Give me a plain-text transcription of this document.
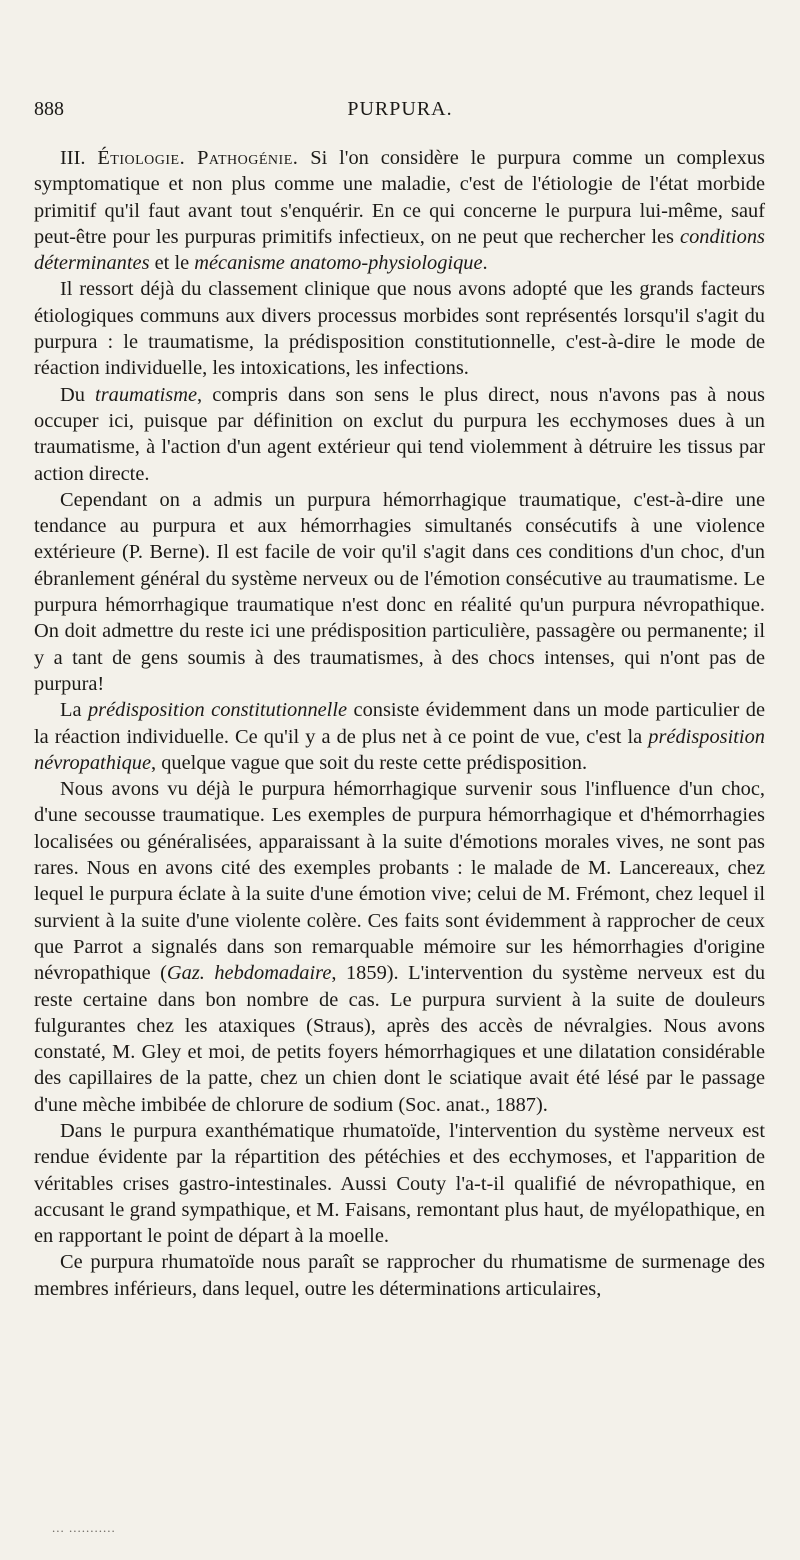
888	PURPURA.

III. Étiologie. Pathogénie. Si l'on considère le purpura comme un complexus symptomatique et non plus comme une maladie, c'est de l'étiologie de l'état morbide primitif qu'il faut avant tout s'enquérir. En ce qui concerne le purpura lui-même, sauf peut-être pour les purpuras primitifs infectieux, on ne peut que rechercher les conditions déterminantes et le mécanisme anatomo-physiologique.

Il ressort déjà du classement clinique que nous avons adopté que les grands facteurs étiologiques communs aux divers processus morbides sont représentés lorsqu'il s'agit du purpura : le traumatisme, la prédisposition constitutionnelle, c'est-à-dire le mode de réaction individuelle, les intoxications, les infections.

Du traumatisme, compris dans son sens le plus direct, nous n'avons pas à nous occuper ici, puisque par définition on exclut du purpura les ecchymoses dues à un traumatisme, à l'action d'un agent extérieur qui tend violemment à détruire les tissus par action directe.

Cependant on a admis un purpura hémorrhagique traumatique, c'est-à-dire une tendance au purpura et aux hémorrhagies simultanés consécutifs à une violence extérieure (P. Berne). Il est facile de voir qu'il s'agit dans ces conditions d'un choc, d'un ébranlement général du système nerveux ou de l'émotion consécutive au traumatisme. Le purpura hémorrhagique traumatique n'est donc en réalité qu'un purpura névropathique. On doit admettre du reste ici une prédisposition particulière, passagère ou permanente; il y a tant de gens soumis à des traumatismes, à des chocs intenses, qui n'ont pas de purpura!

La prédisposition constitutionnelle consiste évidemment dans un mode particulier de la réaction individuelle. Ce qu'il y a de plus net à ce point de vue, c'est la prédisposition névropathique, quelque vague que soit du reste cette prédisposition.

Nous avons vu déjà le purpura hémorrhagique survenir sous l'influence d'un choc, d'une secousse traumatique. Les exemples de purpura hémorrhagique et d'hémorrhagies localisées ou généralisées, apparaissant à la suite d'émotions morales vives, ne sont pas rares. Nous en avons cité des exemples probants : le malade de M. Lancereaux, chez lequel le purpura éclate à la suite d'une émotion vive; celui de M. Frémont, chez lequel il survient à la suite d'une violente colère. Ces faits sont évidemment à rapprocher de ceux que Parrot a signalés dans son remarquable mémoire sur les hémorrhagies d'origine névropathique (Gaz. hebdomadaire, 1859). L'intervention du système nerveux est du reste certaine dans bon nombre de cas. Le purpura survient à la suite de douleurs fulgurantes chez les ataxiques (Straus), après des accès de névralgies. Nous avons constaté, M. Gley et moi, de petits foyers hémorrhagiques et une dilatation considérable des capillaires de la patte, chez un chien dont le sciatique avait été lésé par le passage d'une mèche imbibée de chlorure de sodium (Soc. anat., 1887).

Dans le purpura exanthématique rhumatoïde, l'intervention du système nerveux est rendue évidente par la répartition des pétéchies et des ecchymoses, et l'apparition de véritables crises gastro-intestinales. Aussi Couty l'a-t-il qualifié de névropathique, en accusant le grand sympathique, et M. Faisans, remontant plus haut, de myélopathique, en en rapportant le point de départ à la moelle.

Ce purpura rhumatoïde nous paraît se rapprocher du rhumatisme de surmenage des membres inférieurs, dans lequel, outre les déterminations articulaires,

... ...........
